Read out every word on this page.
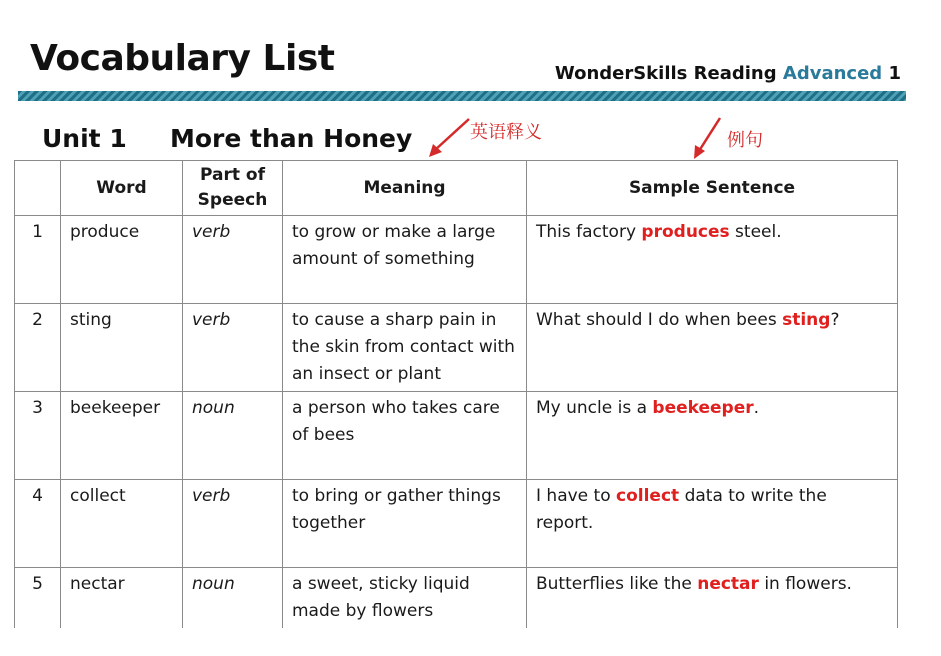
Vocabulary List	WonderSkills Reading Advanced 1
Unit 1 More than Honey	英语释义	例句
	Word	Part of Speech	Meaning	Sample Sentence
1	produce	verb	to grow or make a large amount of something	This factory produces steel.
2	sting	verb	to cause a sharp pain in the skin from contact with an insect or plant	What should I do when bees sting?
3	beekeeper	noun	a person who takes care of bees	My uncle is a beekeeper.
4	collect	verb	to bring or gather things together	I have to collect data to write the report.
5	nectar	noun	a sweet, sticky liquid made by flowers	Butterflies like the nectar in flowers.
